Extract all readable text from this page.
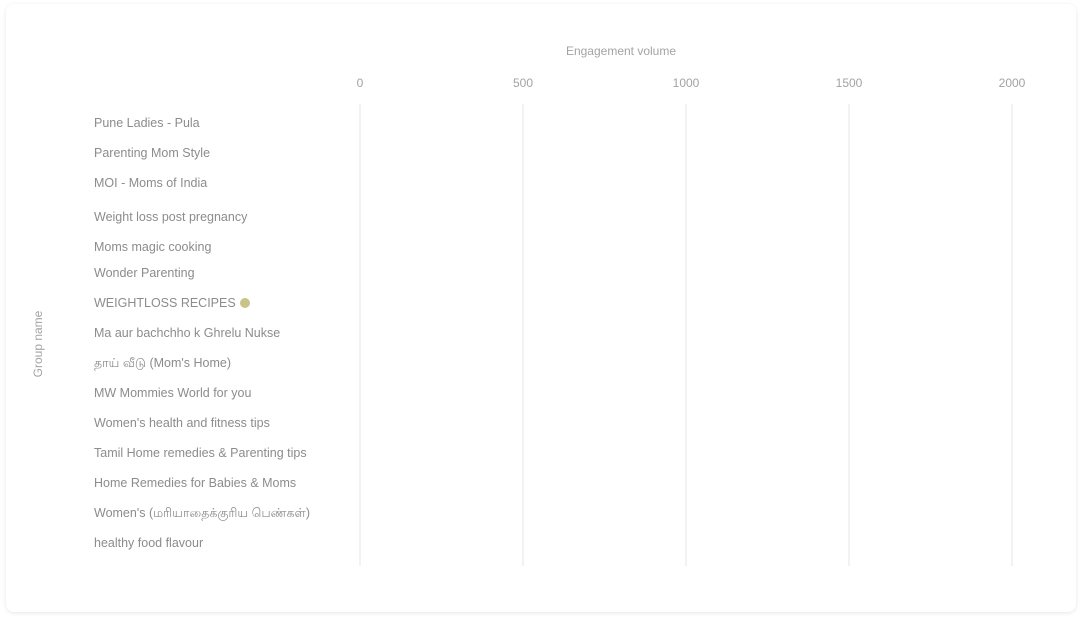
Engagement volume
Group name
0	500	1000	1500	2000
Pune Ladies - Pula
Parenting Mom Style
MOI - Moms of India
Weight loss post pregnancy
Moms magic cooking
Wonder Parenting
WEIGHTLOSS RECIPES
Ma aur bachchho k Ghrelu Nukse
தாய் வீடு (Mom's Home)
MW Mommies World for you
Women's health and fitness tips
Tamil Home remedies & Parenting tips
Home Remedies for Babies & Moms
Women's (மரியாதைக்குரிய பெண்கள்)
healthy food flavour
